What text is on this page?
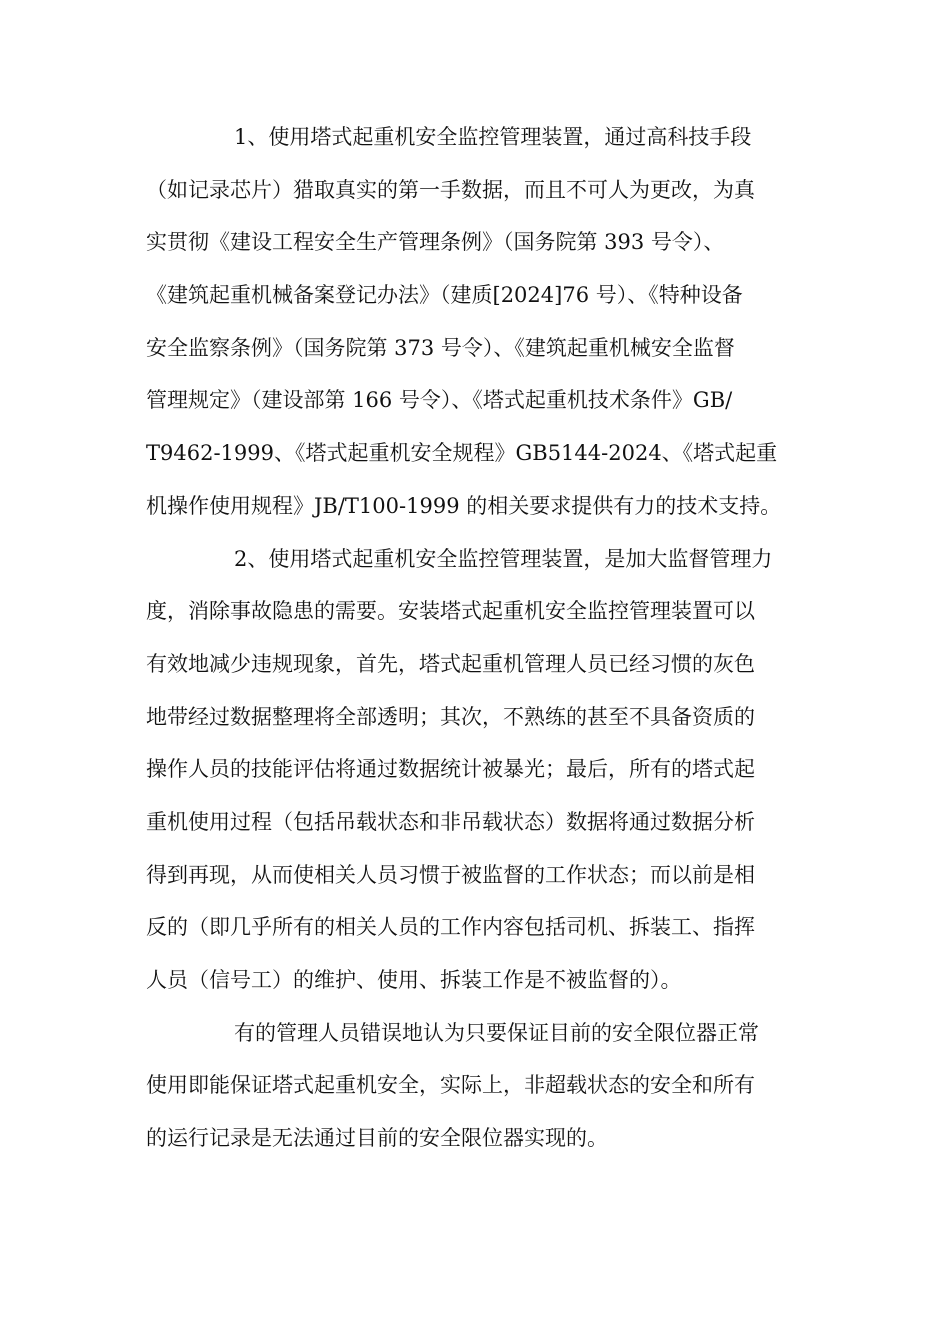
1、使用塔式起重机安全监控管理装置，通过高科技手段
（如记录芯片）猎取真实的第一手数据，而且不可人为更改，为真
实贯彻《建设工程安全生产管理条例》（国务院第 393 号令）、
《建筑起重机械备案登记办法》（建质[2024]76 号）、《特种设备
安全监察条例》（国务院第 373 号令）、《建筑起重机械安全监督
管理规定》（建设部第 166 号令）、《塔式起重机技术条件》GB/
T9462-1999、《塔式起重机安全规程》GB5144-2024、《塔式起重
机操作使用规程》JB/T100-1999 的相关要求提供有力的技术支持。
2、使用塔式起重机安全监控管理装置，是加大监督管理力
度，消除事故隐患的需要。安装塔式起重机安全监控管理装置可以
有效地减少违规现象，首先，塔式起重机管理人员已经习惯的灰色
地带经过数据整理将全部透明；其次，不熟练的甚至不具备资质的
操作人员的技能评估将通过数据统计被暴光；最后，所有的塔式起
重机使用过程（包括吊载状态和非吊载状态）数据将通过数据分析
得到再现，从而使相关人员习惯于被监督的工作状态；而以前是相
反的（即几乎所有的相关人员的工作内容包括司机、拆装工、指挥
人员（信号工）的维护、使用、拆装工作是不被监督的）。
有的管理人员错误地认为只要保证目前的安全限位器正常
使用即能保证塔式起重机安全，实际上，非超载状态的安全和所有
的运行记录是无法通过目前的安全限位器实现的。
